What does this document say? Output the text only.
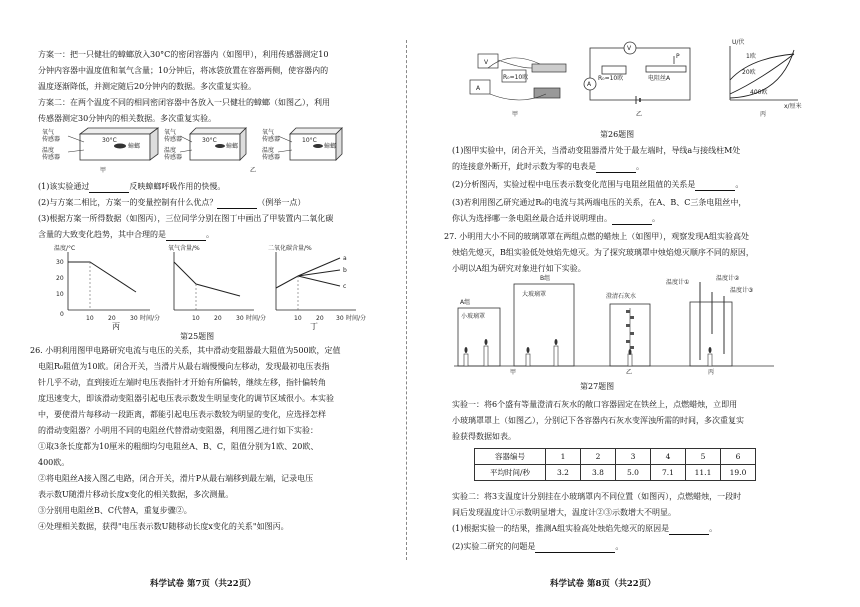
方案一：把一只健壮的蟑螂放入30°C的密闭容器内（如图甲），利用传感器测定10

分钟内容器中温度值和氧气含量；10分钟后，将冰袋放置在容器两侧，使容器内的

温度逐渐降低，并测定随后20分钟内的数据。多次重复实验。

方案二：在两个温度不同的相同密闭容器中各放入一只健壮的蟑螂（如图乙），利用

传感器测定30分钟内的相关数据。多次重复实验。

氧气
传感器
温度
传感器
30°C
蟑螂
甲
氧气
传感器
温度
传感器
30°C
蟑螂
氧气
传感器
温度
传感器
10°C
蟑螂
乙

(1)该实验通过	反映蟑螂呼吸作用的快慢。

(2)与方案二相比，方案一的变量控制有什么优点？	（例举一点）

(3)根据方案一所得数据（如图丙），三位同学分别在图丁中画出了甲装置内二氧化碳

含量的大致变化趋势，其中合理的是	。

温度/°C
30
20
10
0
10 20 30 时间/分
氧气含量/%
10 20 30 时间/分
二氧化碳含量/%
a
b
c
10 20 30 时间/分

丙	丁

第25题图

26. 小明利用图甲电路研究电流与电压的关系，其中滑动变阻器最大阻值为500欧，定值

电阻R₀阻值为10欧。闭合开关，当滑片从最右端慢慢向左移动，发现最初电压表指

针几乎不动，直到接近左端时电压表指针才开始有所偏转，继续左移，指针偏转角

度迅速变大，即该滑动变阻器引起电压表示数发生明显变化的调节区域很小。本实验

中，要使滑片每移动一段距离，都能引起电压表示数较为明显的变化，应选择怎样

的滑动变阻器？小明用不同的电阻丝代替滑动变阻器，利用图乙进行如下实验：

①取3条长度都为10厘米的粗细均匀电阻丝A、B、C，阻值分别为1欧、20欧、

400欧。

②将电阻丝A接入图乙电路，闭合开关，滑片P从最右端移到最左端，记录电压

表示数U随滑片移动长度x变化的相关数据，多次测量。

③分别用电阻丝B、C代替A，重复步骤②。

④处理相关数据，获得"电压表示数U随移动长度x变化的关系"如图丙。

科学试卷 第7页（共22页）

V
A
R₀=10欧
甲
V
A
R₀=10欧	电阻丝A
P
乙
U/伏
1欧
20欧
400欧
x/厘米
丙

第26题图

(1)图甲实验中，闭合开关，当滑动变阻器滑片处于最左端时，导线a与接线柱M处

的连接意外断开，此时示数为零的电表是	。

(2)分析图丙，实验过程中电压表示数变化范围与电阻丝阻值的关系是	。

(3)若利用图乙研究通过R₀的电流与其两端电压的关系，在A、B、C三条电阻丝中，

你认为选择哪一条电阻丝最合适并说明理由。	。

27. 小明用大小不同的玻璃罩罩在两组点燃的蜡烛上（如图甲），观察发现A组实验高处

烛焰先熄灭，B组实验低处烛焰先熄灭。为了探究玻璃罩中烛焰熄灭顺序不同的原因，

小明以A组为研究对象进行如下实验。

A组
小玻璃罩
B组
大玻璃罩
甲
澄清石灰水
乙
温度计①
温度计②
温度计③
丙

第27题图

实验一：将6个盛有等量澄清石灰水的敞口容器固定在铁丝上，点燃蜡烛，立即用

小玻璃罩罩上（如图乙），分别记下各容器内石灰水变浑浊所需的时间，多次重复实

验获得数据如表。

容器编号	1	2	3	4	5	6
平均时间/秒	3.2	3.8	5.0	7.1	11.1	19.0

实验二：将3支温度计分别挂在小玻璃罩内不同位置（如图丙），点燃蜡烛，一段时

间后发现温度计①示数明显增大，温度计②③示数增大不明显。

(1)根据实验一的结果，推测A组实验高处烛焰先熄灭的原因是	。

(2)实验二研究的问题是	。

科学试卷 第8页（共22页）
